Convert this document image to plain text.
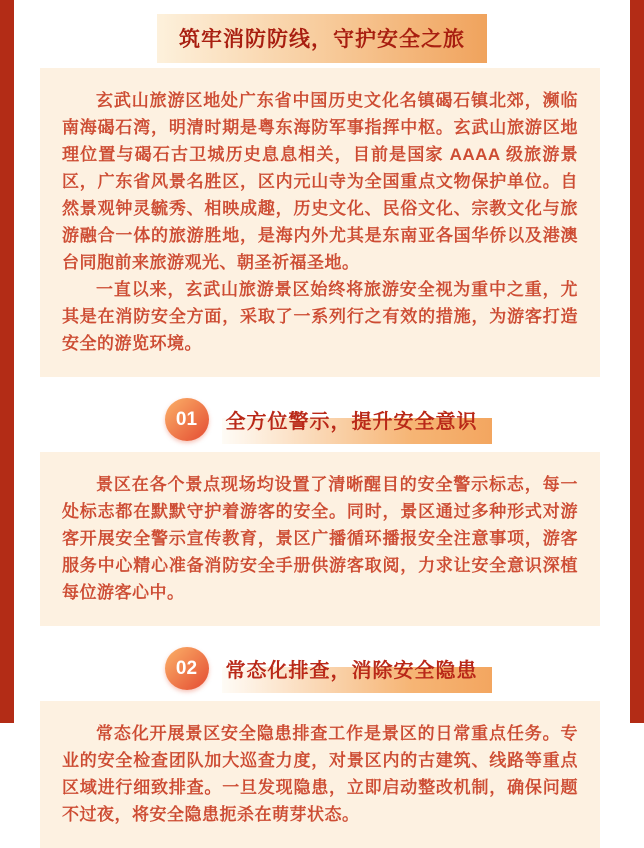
筑牢消防防线，守护安全之旅

玄武山旅游区地处广东省中国历史文化名镇碣石镇北郊，濒临南海碣石湾，明清时期是粤东海防军事指挥中枢。玄武山旅游区地理位置与碣石古卫城历史息息相关，目前是国家 AAAA 级旅游景区，广东省风景名胜区，区内元山寺为全国重点文物保护单位。自然景观钟灵毓秀、相映成趣，历史文化、民俗文化、宗教文化与旅游融合一体的旅游胜地，是海内外尤其是东南亚各国华侨以及港澳台同胞前来旅游观光、朝圣祈福圣地。

一直以来，玄武山旅游景区始终将旅游安全视为重中之重，尤其是在消防安全方面，采取了一系列行之有效的措施，为游客打造安全的游览环境。

01	全方位警示，提升安全意识

景区在各个景点现场均设置了清晰醒目的安全警示标志，每一处标志都在默默守护着游客的安全。同时，景区通过多种形式对游客开展安全警示宣传教育，景区广播循环播报安全注意事项，游客服务中心精心准备消防安全手册供游客取阅，力求让安全意识深植每位游客心中。

02	常态化排查，消除安全隐患

常态化开展景区安全隐患排查工作是景区的日常重点任务。专业的安全检查团队加大巡查力度，对景区内的古建筑、线路等重点区域进行细致排查。一旦发现隐患，立即启动整改机制，确保问题不过夜，将安全隐患扼杀在萌芽状态。
